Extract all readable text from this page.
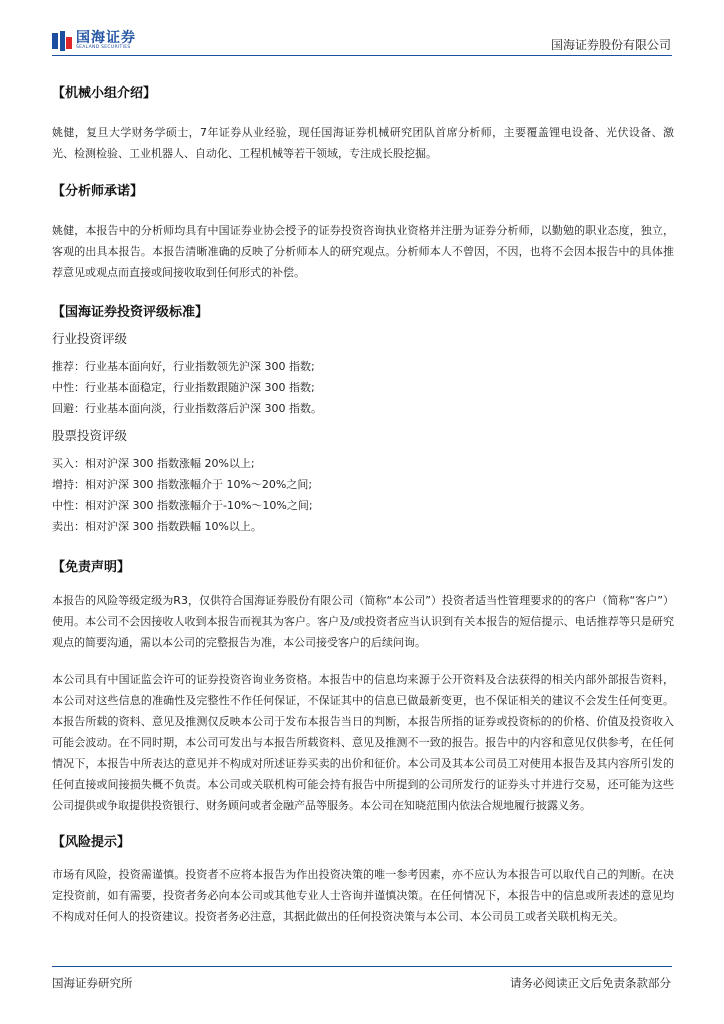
国海证券
SEALAND SECURITIES	国海证券股份有限公司
【机械小组介绍】

姚健，复旦大学财务学硕士，7年证券从业经验，现任国海证券机械研究团队首席分析师，主要覆盖锂电设备、光伏设备、激光、检测检验、工业机器人、自动化、工程机械等若干领域，专注成长股挖掘。

【分析师承诺】

姚健，本报告中的分析师均具有中国证券业协会授予的证券投资咨询执业资格并注册为证券分析师，以勤勉的职业态度，独立，客观的出具本报告。本报告清晰准确的反映了分析师本人的研究观点。分析师本人不曾因，不因，也将不会因本报告中的具体推荐意见或观点而直接或间接收取到任何形式的补偿。

【国海证券投资评级标准】
行业投资评级
推荐：行业基本面向好，行业指数领先沪深 300 指数;
中性：行业基本面稳定，行业指数跟随沪深 300 指数;
回避：行业基本面向淡，行业指数落后沪深 300 指数。
股票投资评级
买入：相对沪深 300 指数涨幅 20%以上;
增持：相对沪深 300 指数涨幅介于 10%～20%之间;
中性：相对沪深 300 指数涨幅介于-10%～10%之间;
卖出：相对沪深 300 指数跌幅 10%以上。
【免责声明】

本报告的风险等级定级为R3，仅供符合国海证券股份有限公司（简称“本公司”）投资者适当性管理要求的的客户（简称“客户”）使用。本公司不会因接收人收到本报告而视其为客户。客户及/或投资者应当认识到有关本报告的短信提示、电话推荐等只是研究观点的简要沟通，需以本公司的完整报告为准，本公司接受客户的后续问询。

本公司具有中国证监会许可的证券投资咨询业务资格。本报告中的信息均来源于公开资料及合法获得的相关内部外部报告资料，本公司对这些信息的准确性及完整性不作任何保证，不保证其中的信息已做最新变更，也不保证相关的建议不会发生任何变更。本报告所载的资料、意见及推测仅反映本公司于发布本报告当日的判断，本报告所指的证券或投资标的的价格、价值及投资收入可能会波动。在不同时期，本公司可发出与本报告所载资料、意见及推测不一致的报告。报告中的内容和意见仅供参考，在任何情况下，本报告中所表达的意见并不构成对所述证券买卖的出价和征价。本公司及其本公司员工对使用本报告及其内容所引发的任何直接或间接损失概不负责。本公司或关联机构可能会持有报告中所提到的公司所发行的证券头寸并进行交易，还可能为这些公司提供或争取提供投资银行、财务顾问或者金融产品等服务。本公司在知晓范围内依法合规地履行披露义务。

【风险提示】

市场有风险，投资需谨慎。投资者不应将本报告为作出投资决策的唯一参考因素，亦不应认为本报告可以取代自己的判断。在决定投资前，如有需要，投资者务必向本公司或其他专业人士咨询并谨慎决策。在任何情况下，本报告中的信息或所表述的意见均不构成对任何人的投资建议。投资者务必注意，其据此做出的任何投资决策与本公司、本公司员工或者关联机构无关。

国海证券研究所	请务必阅读正文后免责条款部分
